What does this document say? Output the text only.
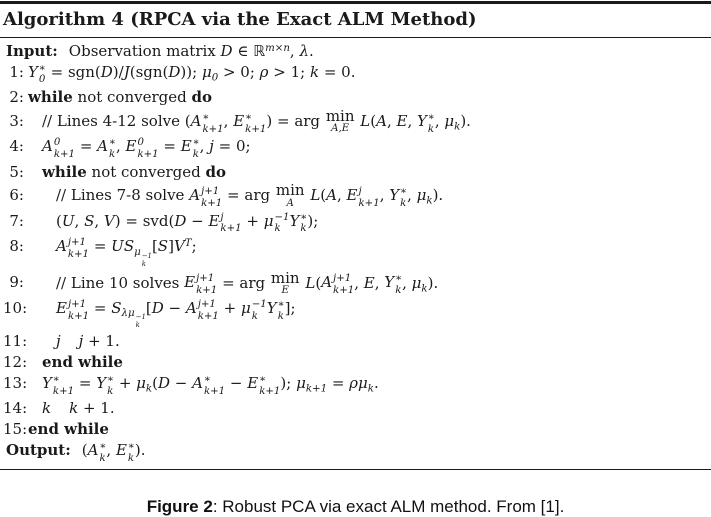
Algorithm 4 (RPCA via the Exact ALM Method)
Input: Observation matrix D ∈ ℝ$^{m\times n}$, λ.
1: Y ∗
0 = sgn(D)/J(sgn(D)); $\mu_0 > 0$; ρ > 1; k = 0.
2: while not converged do
3: // Lines 4-12 solve ( A ∗
k+1 , E ∗
k+1 ) = arg min
A,E L(A, E, Y ∗
k , $\mu_k$).
4: A 0
k+1 = A ∗
k , E 0
k+1 = E ∗
k , j = 0;
5: while not converged do
6: // Lines 7-8 solve A j+1
k+1 = arg min
A L(A, E j
k+1 , Y ∗
k , $\mu_k$).
7: (U, S, V) = svd(D − E j
k+1 + μ −1
k Y ∗
k );
8: A j+1
k+1 = US $_{\mu -1 k}$
$[S]V^T$;
9: // Line 10 solves E j+1
k+1 = arg min
E L( A j+1
k+1 , E, Y ∗
k , $\mu_k$).
10: E j+1
$k+1 = S_{\lambda \mu -1 k}$
[D − A j+1
k+1 + μ −1
k Y ∗
k ];
11: j j + 1.
12: end while
13: Y ∗
k+1 = Y ∗
$k + \mu_k(D - A$ ∗
k+1 − E ∗
k+1 ); $\mu_{k+1} = \rho\mu_k$.
14: k k + 1.
15: end while
Output: ( A ∗
k , E ∗
k ).
Figure 2: Robust PCA via exact ALM method. From [1].
